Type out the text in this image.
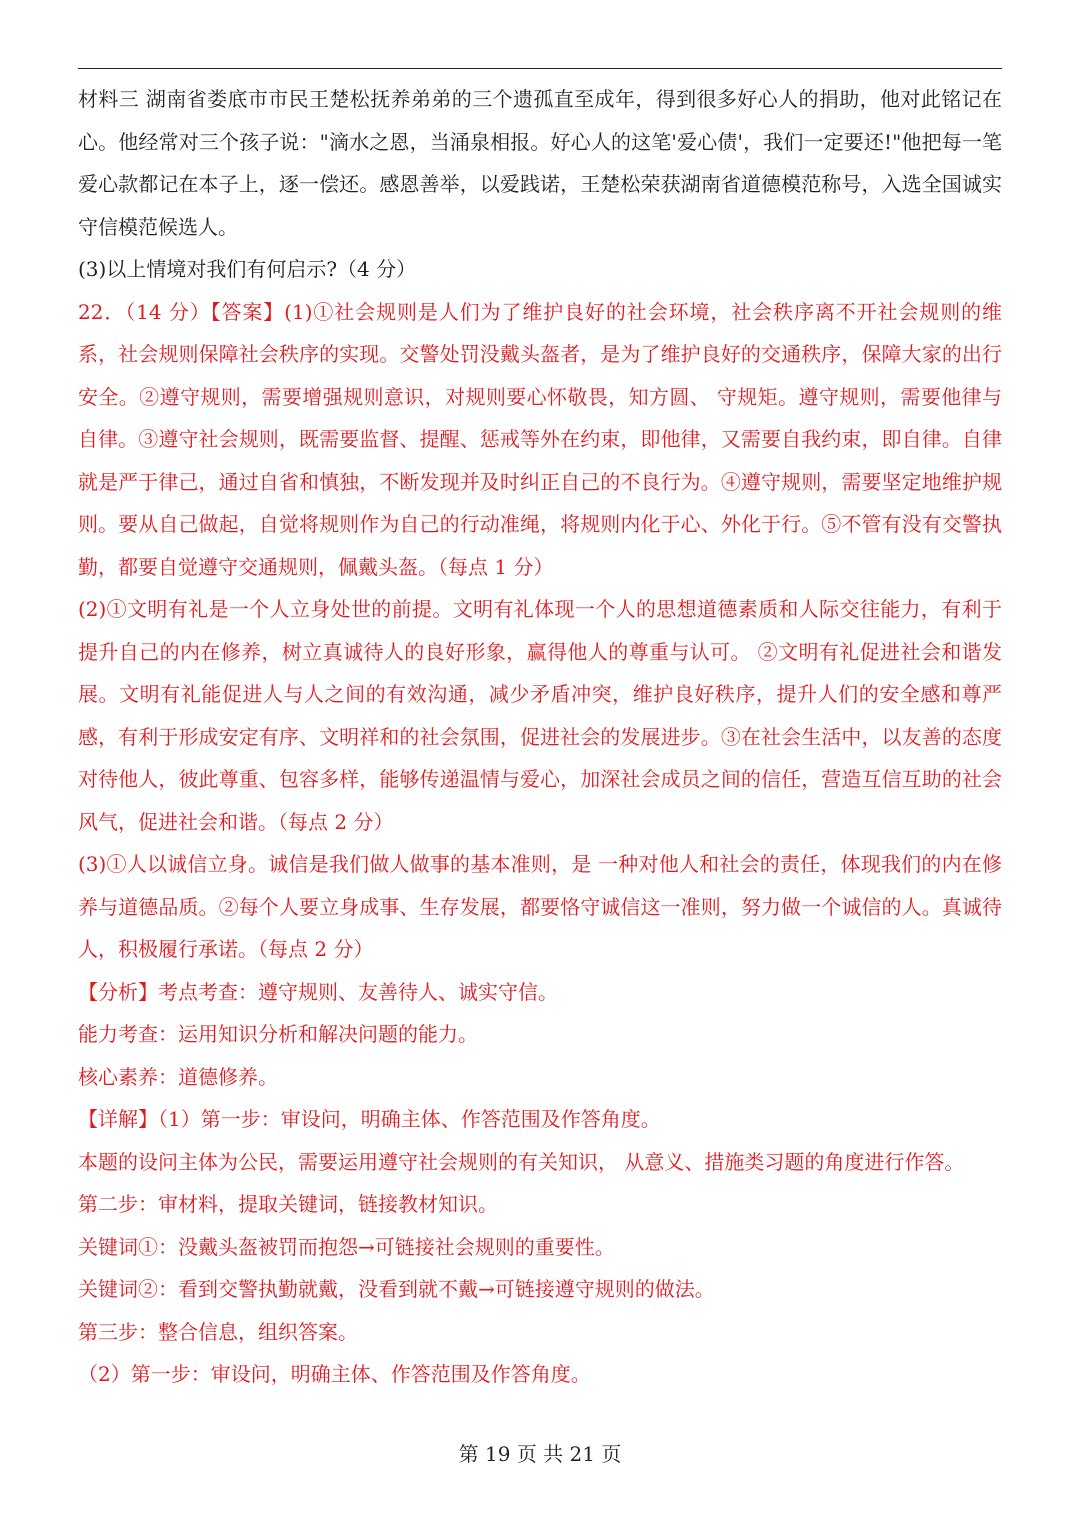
材料三 湖南省娄底市市民王楚松抚养弟弟的三个遗孤直至成年，得到很多好心人的捐助，他对此铭记在心。他经常对三个孩子说："滴水之恩，当涌泉相报。好心人的这笔'爱心债'，我们一定要还!"他把每一笔爱心款都记在本子上，逐一偿还。感恩善举，以爱践诺，王楚松荣获湖南省道德模范称号，入选全国诚实守信模范候选人。

(3)以上情境对我们有何启示?（4 分）

22．（14 分）【答案】(1)①社会规则是人们为了维护良好的社会环境，社会秩序离不开社会规则的维系，社会规则保障社会秩序的实现。交警处罚没戴头盔者，是为了维护良好的交通秩序，保障大家的出行安全。②遵守规则，需要增强规则意识，对规则要心怀敬畏，知方圆、 守规矩。遵守规则，需要他律与自律。③遵守社会规则，既需要监督、提醒、惩戒等外在约束，即他律，又需要自我约束，即自律。自律就是严于律己，通过自省和慎独，不断发现并及时纠正自己的不良行为。④遵守规则，需要坚定地维护规则。要从自己做起，自觉将规则作为自己的行动准绳，将规则内化于心、外化于行。⑤不管有没有交警执勤，都要自觉遵守交通规则，佩戴头盔。（每点 1 分）

(2)①文明有礼是一个人立身处世的前提。文明有礼体现一个人的思想道德素质和人际交往能力，有利于提升自己的内在修养，树立真诚待人的良好形象，赢得他人的尊重与认可。 ②文明有礼促进社会和谐发展。文明有礼能促进人与人之间的有效沟通，减少矛盾冲突，维护良好秩序，提升人们的安全感和尊严感，有利于形成安定有序、文明祥和的社会氛围，促进社会的发展进步。③在社会生活中，以友善的态度对待他人，彼此尊重、包容多样，能够传递温情与爱心，加深社会成员之间的信任，营造互信互助的社会风气，促进社会和谐。（每点 2 分）

(3)①人以诚信立身。诚信是我们做人做事的基本准则，是 一种对他人和社会的责任，体现我们的内在修养与道德品质。②每个人要立身成事、生存发展，都要恪守诚信这一准则，努力做一个诚信的人。真诚待人，积极履行承诺。（每点 2 分）

【分析】考点考查：遵守规则、友善待人、诚实守信。

能力考查：运用知识分析和解决问题的能力。

核心素养：道德修养。

【详解】（1）第一步：审设问，明确主体、作答范围及作答角度。

本题的设问主体为公民，需要运用遵守社会规则的有关知识， 从意义、措施类习题的角度进行作答。

第二步：审材料，提取关键词，链接教材知识。

关键词①：没戴头盔被罚而抱怨→可链接社会规则的重要性。

关键词②：看到交警执勤就戴，没看到就不戴→可链接遵守规则的做法。

第三步：整合信息，组织答案。

（2）第一步：审设问，明确主体、作答范围及作答角度。

第 19 页 共 21 页
